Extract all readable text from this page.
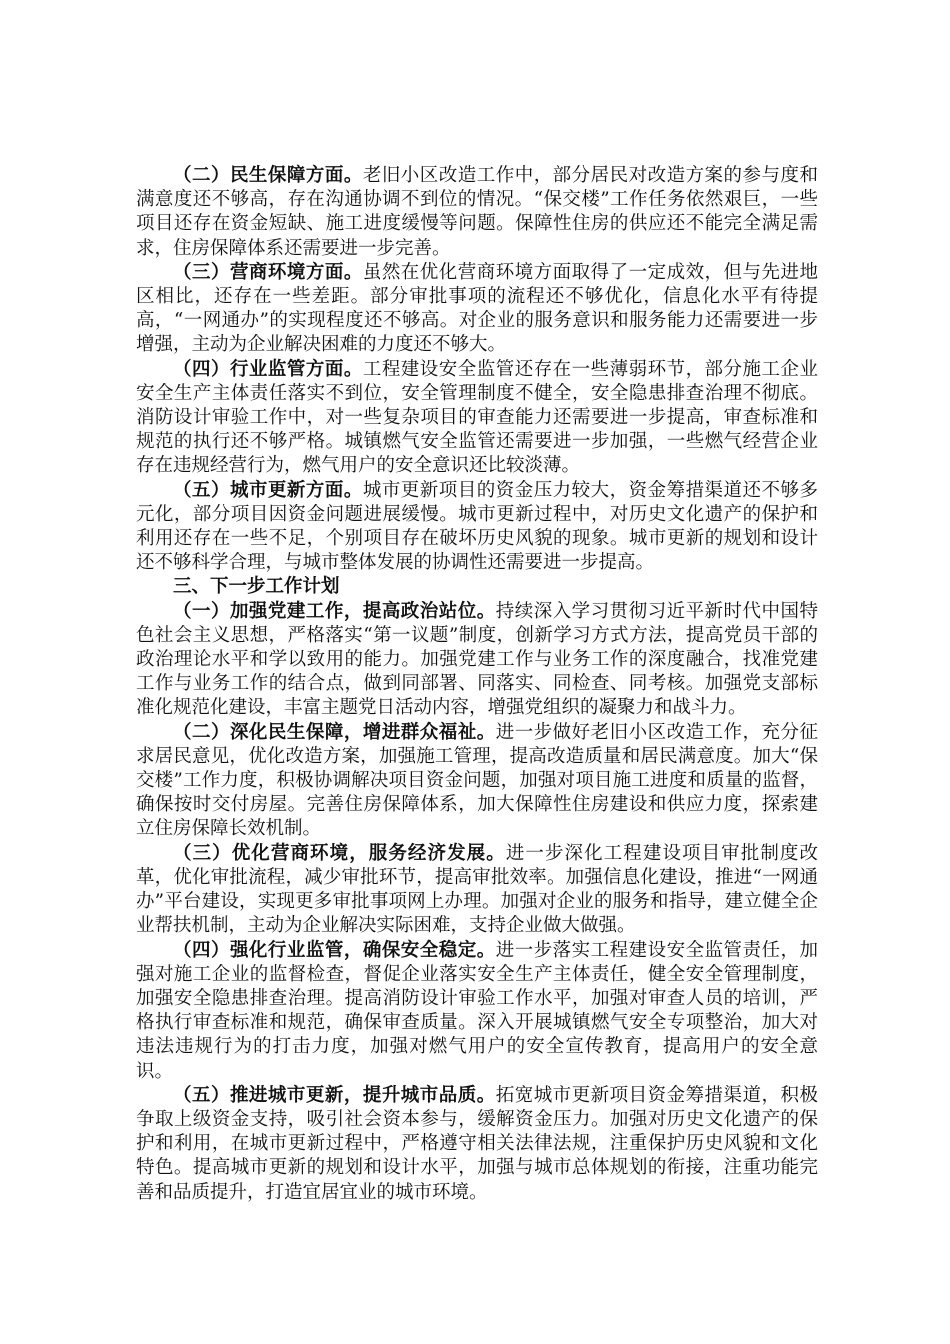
（二）民生保障方面。老旧小区改造工作中，部分居民对改造方案的参与度和满意度还不够高，存在沟通协调不到位的情况。“保交楼”工作任务依然艰巨，一些项目还存在资金短缺、施工进度缓慢等问题。保障性住房的供应还不能完全满足需求，住房保障体系还需要进一步完善。

（三）营商环境方面。虽然在优化营商环境方面取得了一定成效，但与先进地区相比，还存在一些差距。部分审批事项的流程还不够优化，信息化水平有待提高，“一网通办”的实现程度还不够高。对企业的服务意识和服务能力还需要进一步增强，主动为企业解决困难的力度还不够大。

（四）行业监管方面。工程建设安全监管还存在一些薄弱环节，部分施工企业安全生产主体责任落实不到位，安全管理制度不健全，安全隐患排查治理不彻底。消防设计审验工作中，对一些复杂项目的审查能力还需要进一步提高，审查标准和规范的执行还不够严格。城镇燃气安全监管还需要进一步加强，一些燃气经营企业存在违规经营行为，燃气用户的安全意识还比较淡薄。

（五）城市更新方面。城市更新项目的资金压力较大，资金筹措渠道还不够多元化，部分项目因资金问题进展缓慢。城市更新过程中，对历史文化遗产的保护和利用还存在一些不足，个别项目存在破坏历史风貌的现象。城市更新的规划和设计还不够科学合理，与城市整体发展的协调性还需要进一步提高。

三、下一步工作计划

（一）加强党建工作，提高政治站位。持续深入学习贯彻习近平新时代中国特色社会主义思想，严格落实“第一议题”制度，创新学习方式方法，提高党员干部的政治理论水平和学以致用的能力。加强党建工作与业务工作的深度融合，找准党建工作与业务工作的结合点，做到同部署、同落实、同检查、同考核。加强党支部标准化规范化建设，丰富主题党日活动内容，增强党组织的凝聚力和战斗力。

（二）深化民生保障，增进群众福祉。进一步做好老旧小区改造工作，充分征求居民意见，优化改造方案，加强施工管理，提高改造质量和居民满意度。加大“保交楼”工作力度，积极协调解决项目资金问题，加强对项目施工进度和质量的监督，确保按时交付房屋。完善住房保障体系，加大保障性住房建设和供应力度，探索建立住房保障长效机制。

（三）优化营商环境，服务经济发展。进一步深化工程建设项目审批制度改革，优化审批流程，减少审批环节，提高审批效率。加强信息化建设，推进“一网通办”平台建设，实现更多审批事项网上办理。加强对企业的服务和指导，建立健全企业帮扶机制，主动为企业解决实际困难，支持企业做大做强。

（四）强化行业监管，确保安全稳定。进一步落实工程建设安全监管责任，加强对施工企业的监督检查，督促企业落实安全生产主体责任，健全安全管理制度，加强安全隐患排查治理。提高消防设计审验工作水平，加强对审查人员的培训，严格执行审查标准和规范，确保审查质量。深入开展城镇燃气安全专项整治，加大对违法违规行为的打击力度，加强对燃气用户的安全宣传教育，提高用户的安全意识。

（五）推进城市更新，提升城市品质。拓宽城市更新项目资金筹措渠道，积极争取上级资金支持，吸引社会资本参与，缓解资金压力。加强对历史文化遗产的保护和利用，在城市更新过程中，严格遵守相关法律法规，注重保护历史风貌和文化特色。提高城市更新的规划和设计水平，加强与城市总体规划的衔接，注重功能完善和品质提升，打造宜居宜业的城市环境。
